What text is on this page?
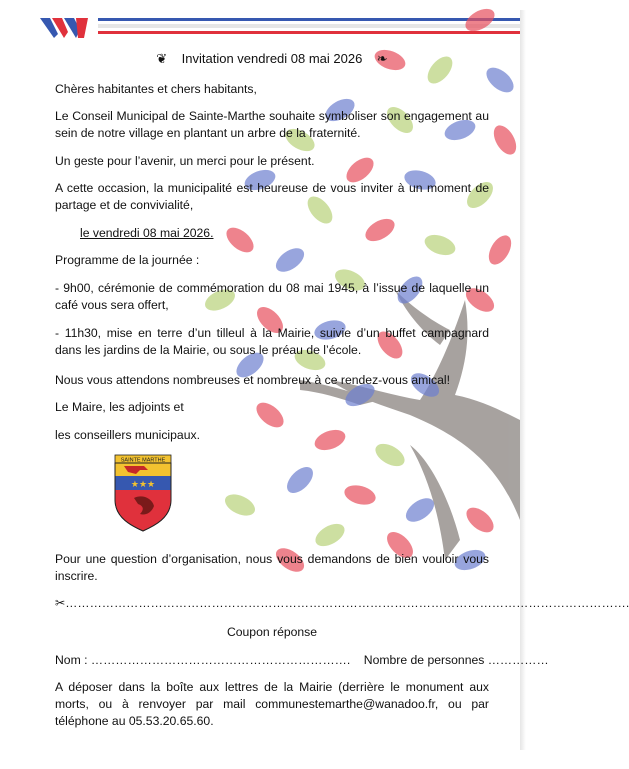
❦ Invitation vendredi 08 mai 2026 ❧

Chères habitantes et chers habitants,

Le Conseil Municipal de Sainte-Marthe souhaite symboliser son engagement au sein de notre village en plantant un arbre de la fraternité.

Un geste pour l’avenir, un merci pour le présent.

A cette occasion, la municipalité est heureuse de vous inviter à un moment de partage et de convivialité,

le vendredi 08 mai 2026.

Programme de la journée :

- 9h00, cérémonie de commémoration du 08 mai 1945, à l’issue de laquelle un café vous sera offert,

- 11h30, mise en terre d’un tilleul à la Mairie, suivie d’un buffet campagnard dans les jardins de la Mairie, ou sous le préau de l’école.

Nous vous attendons nombreuses et nombreux à ce rendez-vous amical!

Le Maire, les adjoints et

les conseillers municipaux.

Pour une question d’organisation, nous vous demandons de bien vouloir vous inscrire.

✂………………………………………………………………………………………………………………………….

Coupon réponse

Nom : ………………………………………………………. Nombre de personnes ……………

A déposer dans la boîte aux lettres de la Mairie (derrière le monument aux morts, ou à renvoyer par mail communestemarthe@wanadoo.fr, ou par téléphone au 05.53.20.65.60.

SAINTE MARTHE
★★★
